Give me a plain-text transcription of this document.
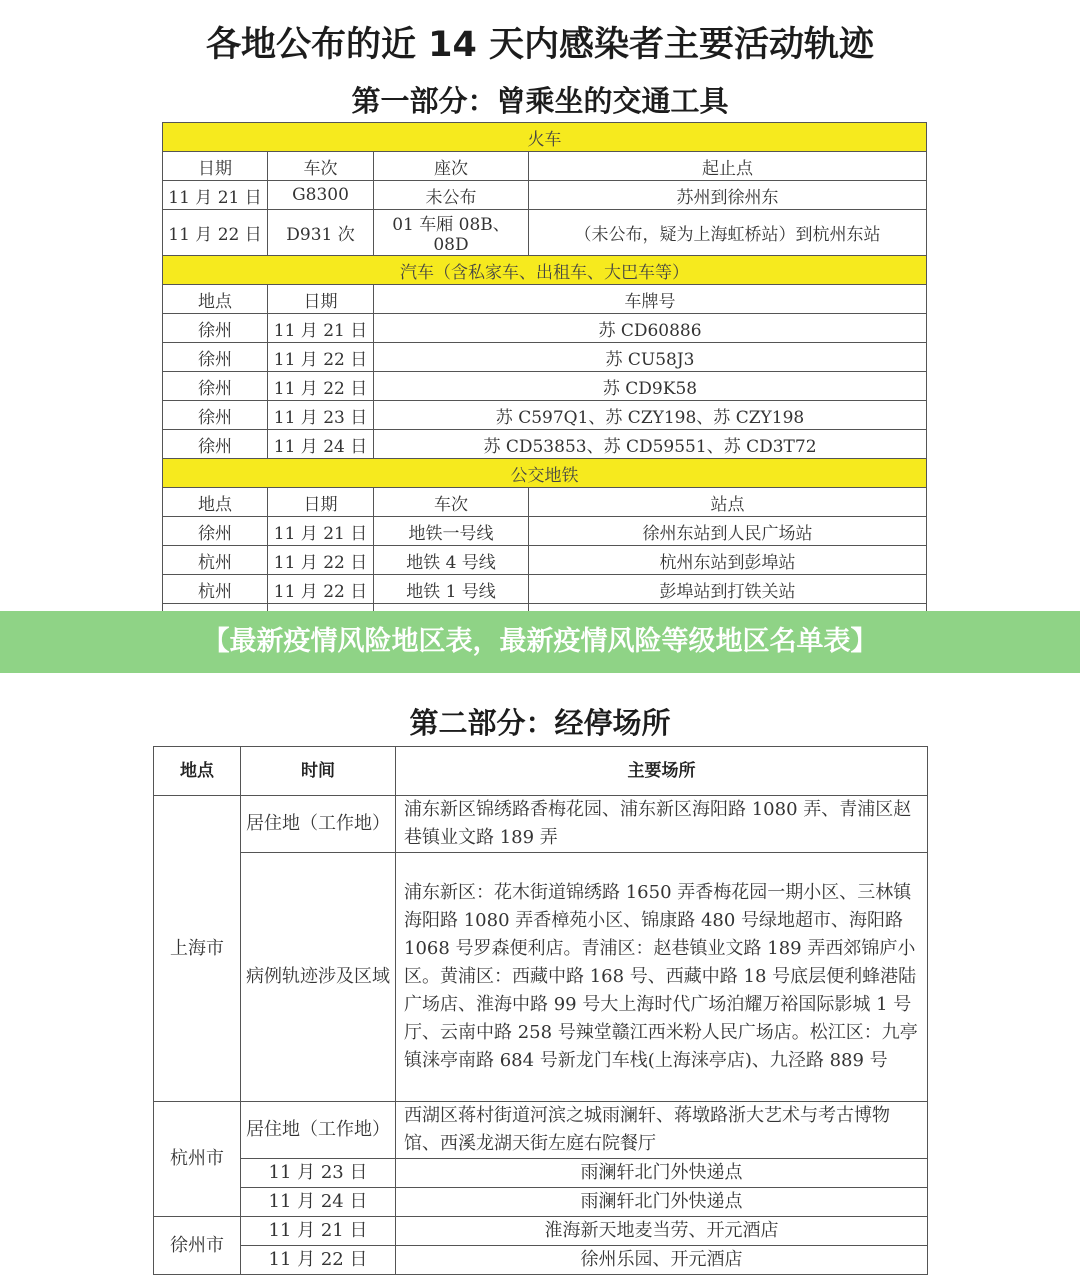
各地公布的近 14 天内感染者主要活动轨迹
第一部分：曾乘坐的交通工具
火车			
日期	车次	座次	起止点
11 月 21 日	G8300	未公布	苏州到徐州东
11 月 22 日	D931 次	01 车厢 08B、08D	（未公布，疑为上海虹桥站）到杭州东站
汽车（含私家车、出租车、大巴车等）			
地点	日期	车牌号	
徐州	11 月 21 日	苏 CD60886	
徐州	11 月 22 日	苏 CU58J3	
徐州	11 月 22 日	苏 CD9K58	
徐州	11 月 23 日	苏 C597Q1、苏 CZY198、苏 CZY198	
徐州	11 月 24 日	苏 CD53853、苏 CD59551、苏 CD3T72	
公交地铁			
地点	日期	车次	站点
徐州	11 月 21 日	地铁一号线	徐州东站到人民广场站
杭州	11 月 22 日	地铁 4 号线	杭州东站到彭埠站
杭州	11 月 22 日	地铁 1 号线	彭埠站到打铁关站

【最新疫情风险地区表，最新疫情风险等级地区名单表】
第二部分：经停场所
地点	时间	主要场所
上海市	居住地（工作地）	浦东新区锦绣路香梅花园、浦东新区海阳路 1080 弄、青浦区赵巷镇业文路 189 弄
	病例轨迹涉及区域	浦东新区：花木街道锦绣路 1650 弄香梅花园一期小区、三林镇海阳路 1080 弄香樟苑小区、锦康路 480 号绿地超市、海阳路 1068 号罗森便利店。青浦区：赵巷镇业文路 189 弄西郊锦庐小区。黄浦区：西藏中路 168 号、西藏中路 18 号底层便利蜂港陆广场店、淮海中路 99 号大上海时代广场泊耀万裕国际影城 1 号厅、云南中路 258 号辣堂赣江西米粉人民广场店。松江区：九亭镇涞亭南路 684 号新龙门车栈(上海涞亭店)、九泾路 889 号
杭州市	居住地（工作地）	西湖区蒋村街道河滨之城雨澜轩、蒋墩路浙大艺术与考古博物馆、西溪龙湖天街左庭右院餐厅
	11 月 23 日	雨澜轩北门外快递点
	11 月 24 日	雨澜轩北门外快递点
徐州市	11 月 21 日	淮海新天地麦当劳、开元酒店
	11 月 22 日	徐州乐园、开元酒店
